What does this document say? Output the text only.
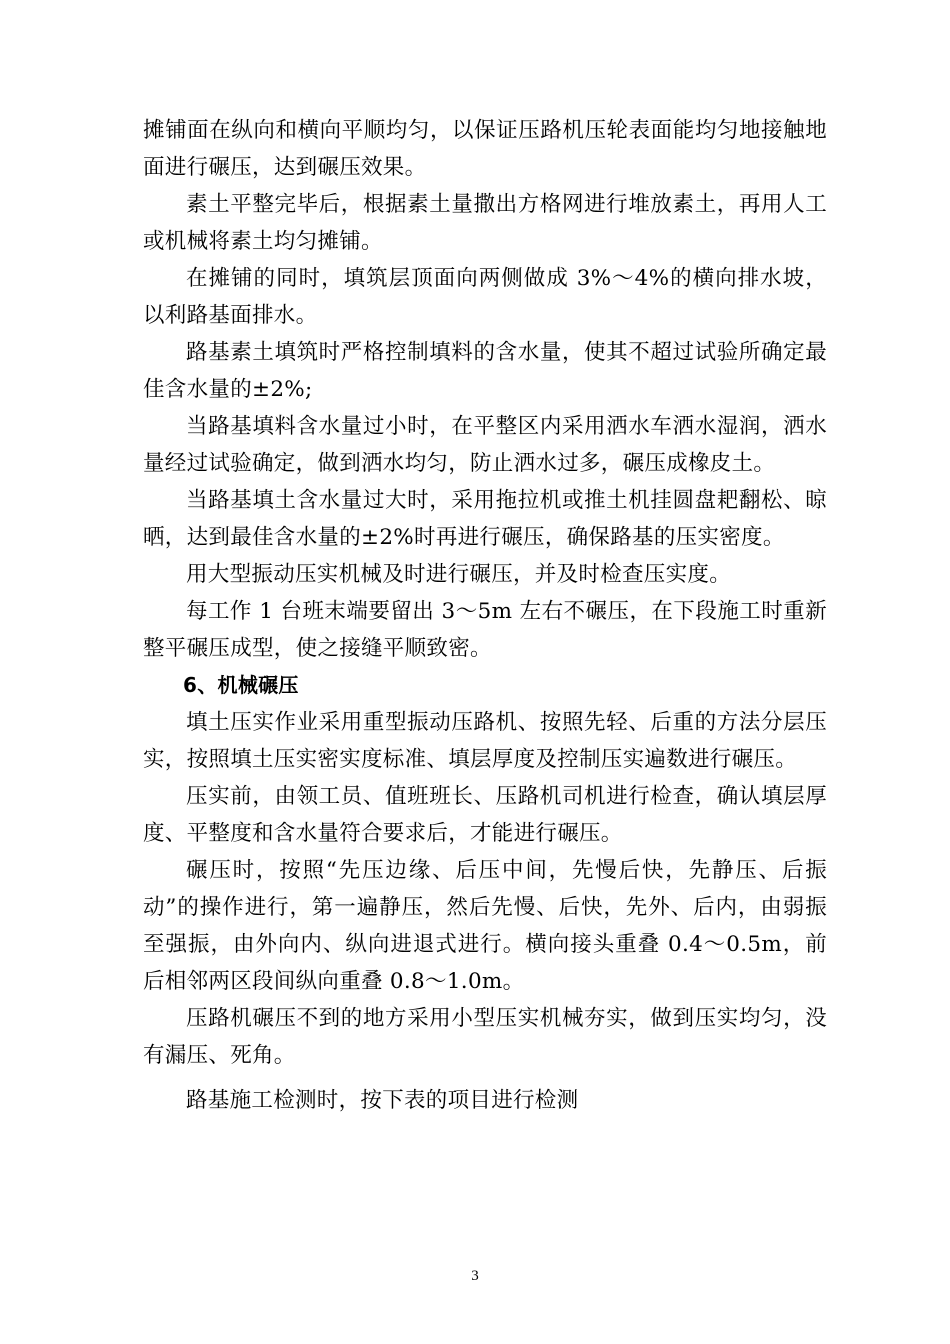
摊铺面在纵向和横向平顺均匀，以保证压路机压轮表面能均匀地接触地面进行碾压，达到碾压效果。

素土平整完毕后，根据素土量撒出方格网进行堆放素土，再用人工或机械将素土均匀摊铺。

在摊铺的同时，填筑层顶面向两侧做成 3%～4%的横向排水坡，以利路基面排水。

路基素土填筑时严格控制填料的含水量，使其不超过试验所确定最佳含水量的±2%;

当路基填料含水量过小时，在平整区内采用洒水车洒水湿润，洒水量经过试验确定，做到洒水均匀，防止洒水过多，碾压成橡皮土。

当路基填土含水量过大时，采用拖拉机或推土机挂圆盘耙翻松、晾晒，达到最佳含水量的±2%时再进行碾压，确保路基的压实密度。

用大型振动压实机械及时进行碾压，并及时检查压实度。

每工作 1 台班末端要留出 3～5m 左右不碾压，在下段施工时重新整平碾压成型，使之接缝平顺致密。

6、机械碾压

填土压实作业采用重型振动压路机、按照先轻、后重的方法分层压实，按照填土压实密实度标准、填层厚度及控制压实遍数进行碾压。

压实前，由领工员、值班班长、压路机司机进行检查，确认填层厚度、平整度和含水量符合要求后，才能进行碾压。

碾压时，按照“先压边缘、后压中间，先慢后快，先静压、后振动”的操作进行，第一遍静压，然后先慢、后快，先外、后内，由弱振至强振，由外向内、纵向进退式进行。横向接头重叠 0.4～0.5m，前后相邻两区段间纵向重叠 0.8～1.0m。

压路机碾压不到的地方采用小型压实机械夯实，做到压实均匀，没有漏压、死角。

路基施工检测时，按下表的项目进行检测

3
